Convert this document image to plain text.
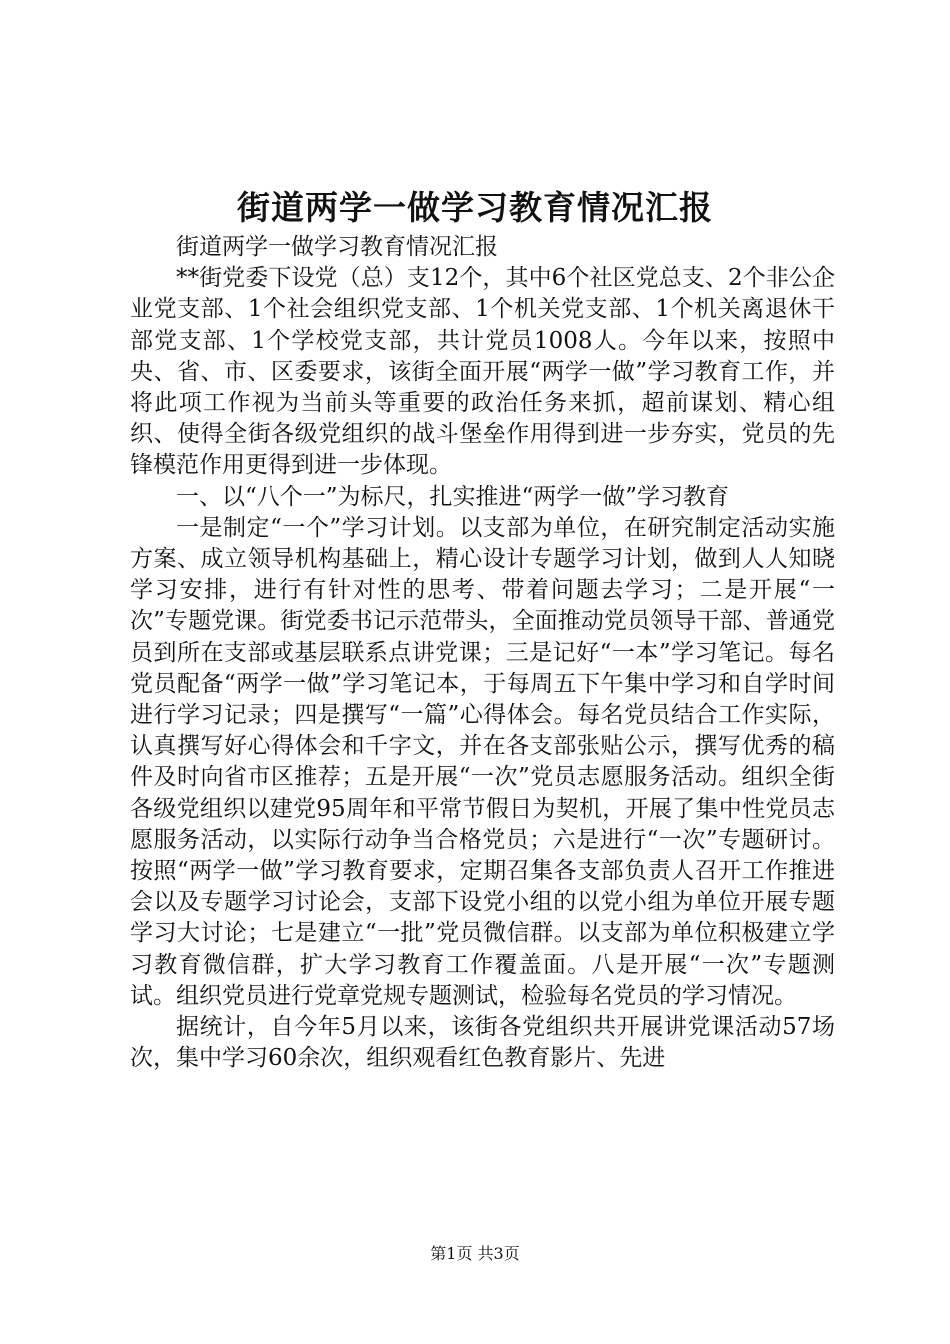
街道两学一做学习教育情况汇报

街道两学一做学习教育情况汇报

**街党委下设党（总）支12个，其中6个社区党总支、2个非公企业党支部、1个社会组织党支部、1个机关党支部、1个机关离退休干部党支部、1个学校党支部，共计党员1008人。今年以来，按照中央、省、市、区委要求，该街全面开展“两学一做”学习教育工作，并将此项工作视为当前头等重要的政治任务来抓，超前谋划、精心组织、使得全街各级党组织的战斗堡垒作用得到进一步夯实，党员的先锋模范作用更得到进一步体现。

一、以“八个一”为标尺，扎实推进“两学一做”学习教育

一是制定“一个”学习计划。以支部为单位，在研究制定活动实施方案、成立领导机构基础上，精心设计专题学习计划，做到人人知晓学习安排，进行有针对性的思考、带着问题去学习；二是开展“一次”专题党课。街党委书记示范带头，全面推动党员领导干部、普通党员到所在支部或基层联系点讲党课；三是记好“一本”学习笔记。每名党员配备“两学一做”学习笔记本，于每周五下午集中学习和自学时间进行学习记录；四是撰写“一篇”心得体会。每名党员结合工作实际，认真撰写好心得体会和千字文，并在各支部张贴公示，撰写优秀的稿件及时向省市区推荐；五是开展“一次”党员志愿服务活动。组织全街各级党组织以建党95周年和平常节假日为契机，开展了集中性党员志愿服务活动，以实际行动争当合格党员；六是进行“一次”专题研讨。按照“两学一做”学习教育要求，定期召集各支部负责人召开工作推进会以及专题学习讨论会，支部下设党小组的以党小组为单位开展专题学习大讨论；七是建立“一批”党员微信群。以支部为单位积极建立学习教育微信群，扩大学习教育工作覆盖面。八是开展“一次”专题测试。组织党员进行党章党规专题测试，检验每名党员的学习情况。

据统计，自今年5月以来，该街各党组织共开展讲党课活动57场次，集中学习60余次，组织观看红色教育影片、先进

第1页 共3页
